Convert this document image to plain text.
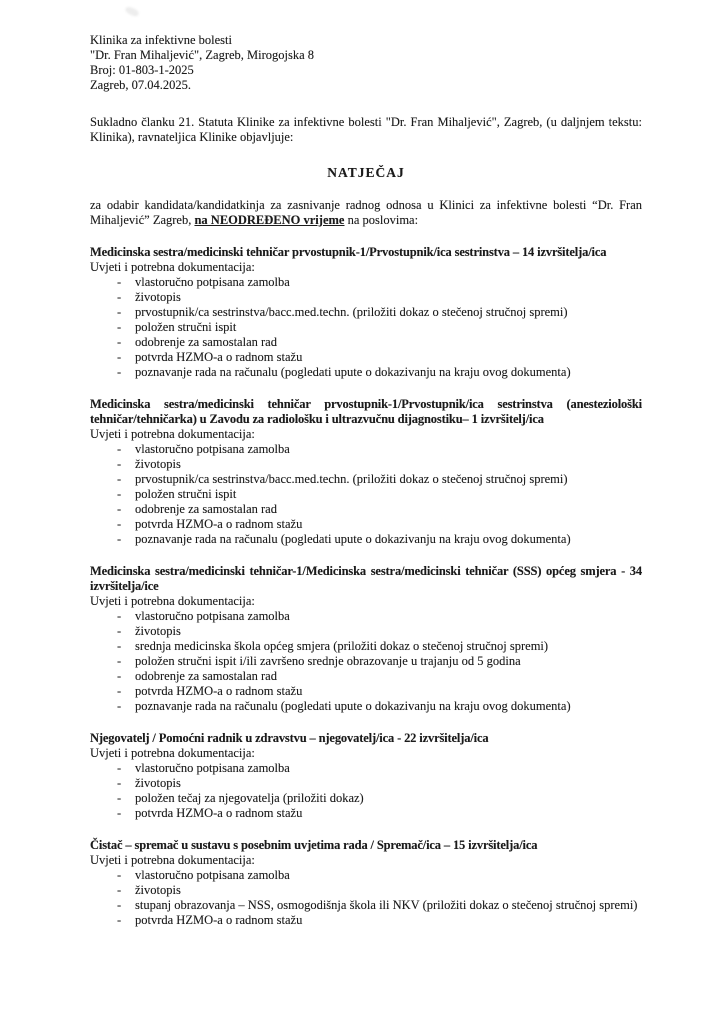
Klinika za infektivne bolesti
"Dr. Fran Mihaljević", Zagreb, Mirogojska 8
Broj: 01-803-1-2025
Zagreb, 07.04.2025.

Sukladno članku 21. Statuta Klinike za infektivne bolesti "Dr. Fran Mihaljević", Zagreb, (u daljnjem tekstu: Klinika), ravnateljica Klinike objavljuje:

NATJEČAJ

za odabir kandidata/kandidatkinja za zasnivanje radnog odnosa u Klinici za infektivne bolesti “Dr. Fran Mihaljević” Zagreb, na NEODREĐENO vrijeme na poslovima:

Medicinska sestra/medicinski tehničar prvostupnik-1/Prvostupnik/ica sestrinstva – 14 izvršitelja/ica
Uvjeti i potrebna dokumentacija:
- vlastoručno potpisana zamolba
- životopis
- prvostupnik/ca sestrinstva/bacc.med.techn. (priložiti dokaz o stečenoj stručnoj spremi)
- položen stručni ispit
- odobrenje za samostalan rad
- potvrda HZMO-a o radnom stažu
- poznavanje rada na računalu (pogledati upute o dokazivanju na kraju ovog dokumenta)
Medicinska sestra/medicinski tehničar prvostupnik-1/Prvostupnik/ica sestrinstva (anesteziološki tehničar/tehničarka) u Zavodu za radiološku i ultrazvučnu dijagnostiku– 1 izvršitelj/ica
Uvjeti i potrebna dokumentacija:
- vlastoručno potpisana zamolba
- životopis
- prvostupnik/ca sestrinstva/bacc.med.techn. (priložiti dokaz o stečenoj stručnoj spremi)
- položen stručni ispit
- odobrenje za samostalan rad
- potvrda HZMO-a o radnom stažu
- poznavanje rada na računalu (pogledati upute o dokazivanju na kraju ovog dokumenta)
Medicinska sestra/medicinski tehničar-1/Medicinska sestra/medicinski tehničar (SSS) općeg smjera - 34 izvršitelja/ice
Uvjeti i potrebna dokumentacija:
- vlastoručno potpisana zamolba
- životopis
- srednja medicinska škola općeg smjera (priložiti dokaz o stečenoj stručnoj spremi)
- položen stručni ispit i/ili završeno srednje obrazovanje u trajanju od 5 godina
- odobrenje za samostalan rad
- potvrda HZMO-a o radnom stažu
- poznavanje rada na računalu (pogledati upute o dokazivanju na kraju ovog dokumenta)
Njegovatelj / Pomoćni radnik u zdravstvu – njegovatelj/ica - 22 izvršitelja/ica
Uvjeti i potrebna dokumentacija:
- vlastoručno potpisana zamolba
- životopis
- položen tečaj za njegovatelja (priložiti dokaz)
- potvrda HZMO-a o radnom stažu
Čistač – spremač u sustavu s posebnim uvjetima rada / Spremač/ica – 15 izvršitelja/ica
Uvjeti i potrebna dokumentacija:
- vlastoručno potpisana zamolba
- životopis
- stupanj obrazovanja – NSS, osmogodišnja škola ili NKV (priložiti dokaz o stečenoj stručnoj spremi)
- potvrda HZMO-a o radnom stažu
